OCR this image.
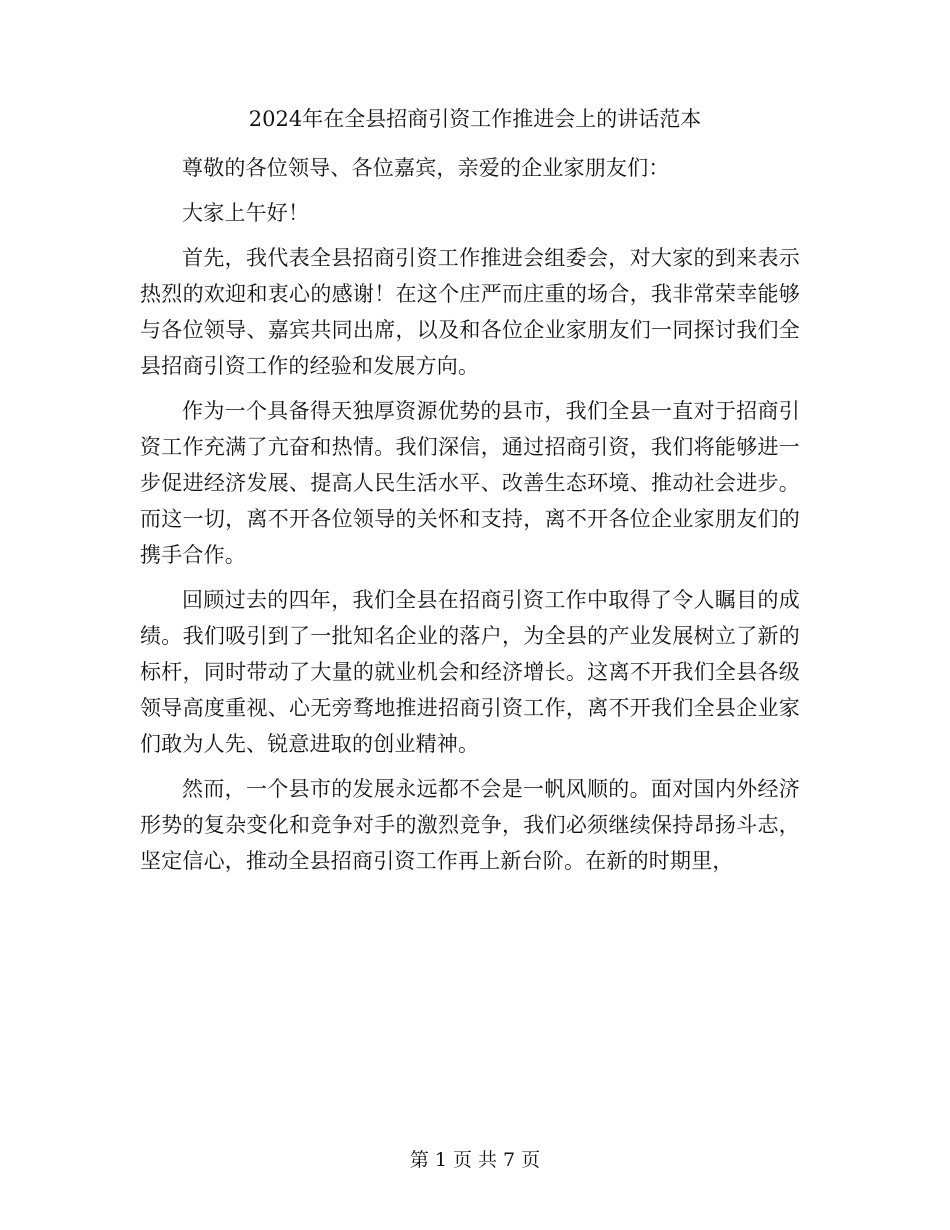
2024年在全县招商引资工作推进会上的讲话范本

尊敬的各位领导、各位嘉宾，亲爱的企业家朋友们：

大家上午好！

首先，我代表全县招商引资工作推进会组委会，对大家的到来表示热烈的欢迎和衷心的感谢！在这个庄严而庄重的场合，我非常荣幸能够与各位领导、嘉宾共同出席，以及和各位企业家朋友们一同探讨我们全县招商引资工作的经验和发展方向。

作为一个具备得天独厚资源优势的县市，我们全县一直对于招商引资工作充满了亢奋和热情。我们深信，通过招商引资，我们将能够进一步促进经济发展、提高人民生活水平、改善生态环境、推动社会进步。而这一切，离不开各位领导的关怀和支持，离不开各位企业家朋友们的携手合作。

回顾过去的四年，我们全县在招商引资工作中取得了令人瞩目的成绩。我们吸引到了一批知名企业的落户，为全县的产业发展树立了新的标杆，同时带动了大量的就业机会和经济增长。这离不开我们全县各级领导高度重视、心无旁骛地推进招商引资工作，离不开我们全县企业家们敢为人先、锐意进取的创业精神。

然而，一个县市的发展永远都不会是一帆风顺的。面对国内外经济形势的复杂变化和竞争对手的激烈竞争，我们必须继续保持昂扬斗志，坚定信心，推动全县招商引资工作再上新台阶。在新的时期里，

第 1 页 共 7 页
